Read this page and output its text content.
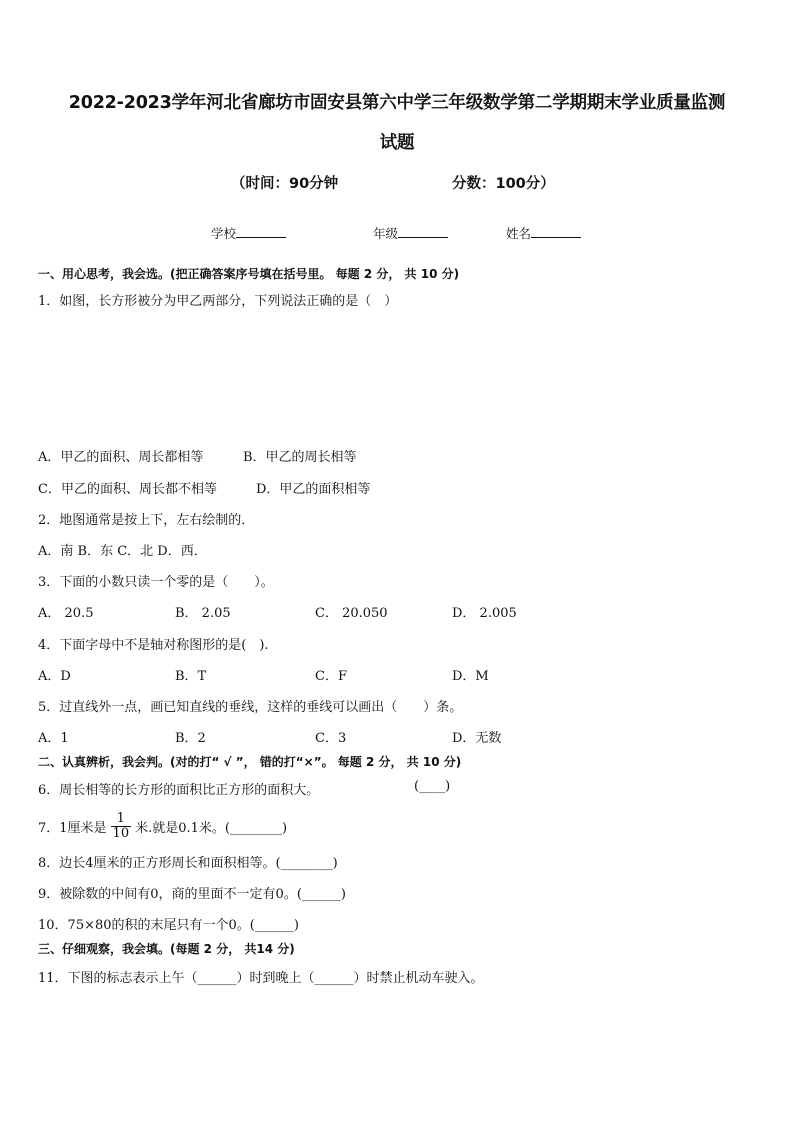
2022-2023学年河北省廊坊市固安县第六中学三年级数学第二学期期末学业质量监测
试题
（时间：90分钟	分数：100分）
学校	年级	姓名
一、用心思考，我会选。(把正确答案序号填在括号里。 每题 2 分， 共 10 分)
1．如图，长方形被分为甲乙两部分，下列说法正确的是（　）
A．甲乙的面积、周长都相等	B．甲乙的周长相等
C．甲乙的面积、周长都不相等	D．甲乙的面积相等
2．地图通常是按上下，左右绘制的．
A．南 B．东 C．北 D．西．
3．下面的小数只读一个零的是（　　）。
A． 20.5	B． 2.05	C． 20.050	D． 2.005
4．下面字母中不是轴对称图形的是(　).
A．D	B．T	C．F	D．M
5．过直线外一点，画已知直线的垂线，这样的垂线可以画出（　　）条。
A．1	B．2	C．3	D．无数
二、认真辨析，我会判。(对的打“ √ ”， 错的打“×”。 每题 2 分， 共 10 分)
6．周长相等的长方形的面积比正方形的面积大。	(____)
7．1厘米是 $\frac{1}{10}$ 米.就是0.1米。(________)
8．边长4厘米的正方形周长和面积相等。(________)
9．被除数的中间有0，商的里面不一定有0。(______)
10．75×80的积的末尾只有一个0。(______)
三、仔细观察，我会填。(每题 2 分， 共14 分)
11．下图的标志表示上午（______）时到晚上（______）时禁止机动车驶入。
